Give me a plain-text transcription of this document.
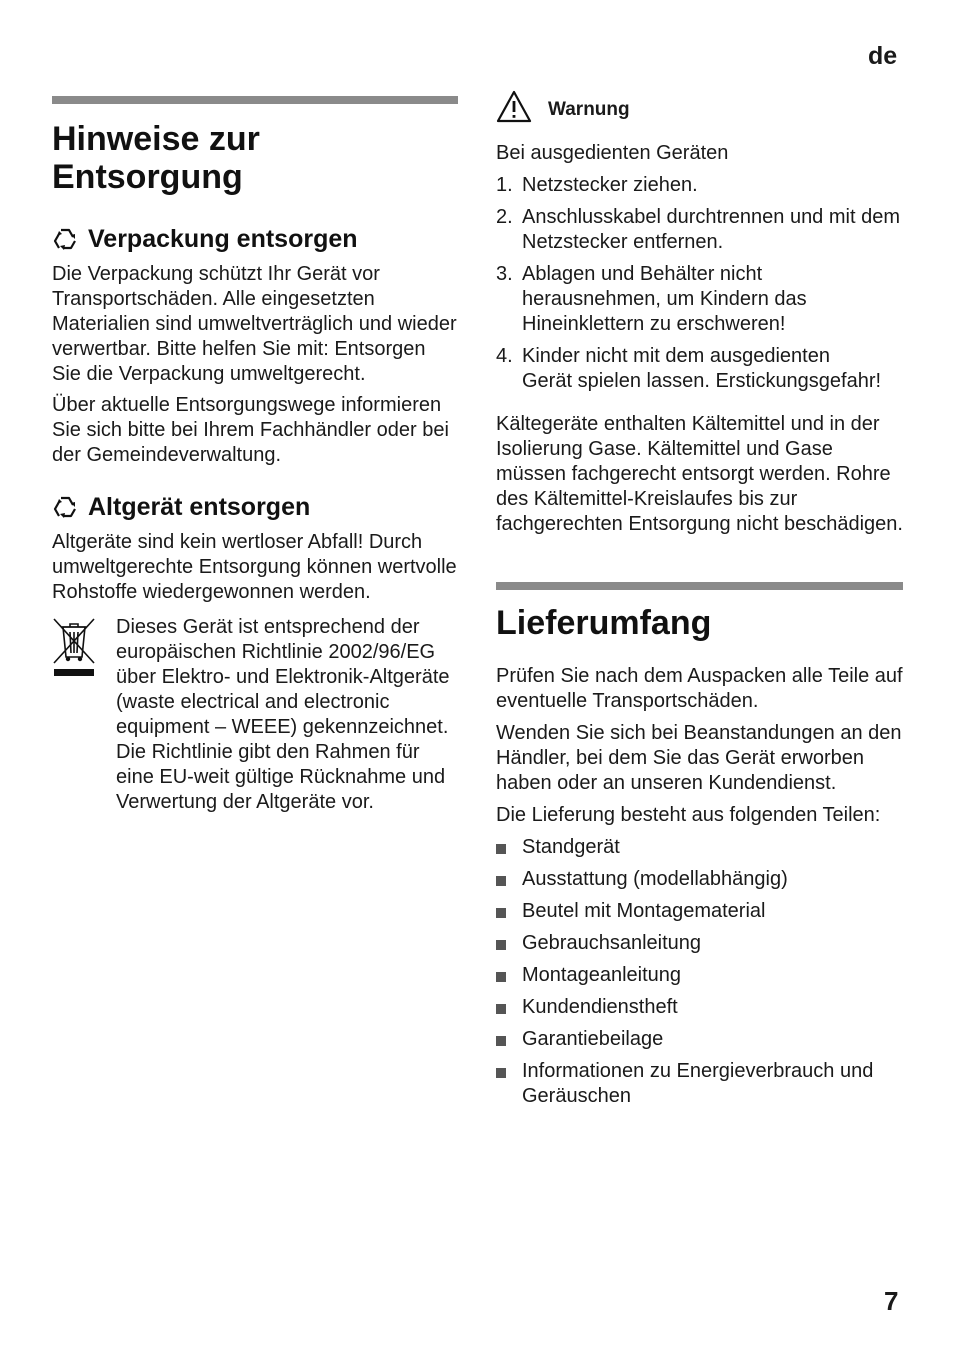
de
Hinweise zur Entsorgung
Verpackung entsorgen

Die Verpackung schützt Ihr Gerät vor Transportschäden. Alle eingesetzten Materialien sind umweltverträglich und wieder verwertbar. Bitte helfen Sie mit: Entsorgen Sie die Verpackung umweltgerecht.

Über aktuelle Entsorgungswege informieren Sie sich bitte bei Ihrem Fachhändler oder bei der Gemeindeverwaltung.

Altgerät entsorgen

Altgeräte sind kein wertloser Abfall! Durch umweltgerechte Entsorgung können wertvolle Rohstoffe wiedergewonnen werden.

Dieses Gerät ist entsprechend der europäischen Richtlinie 2002/96/EG über Elektro- und Elektronik-Altgeräte (waste electrical and electronic equipment – WEEE) gekennzeichnet. Die Richtlinie gibt den Rahmen für eine EU-weit gültige Rücknahme und Verwertung der Altgeräte vor.

Warnung

Bei ausgedienten Geräten

1. Netzstecker ziehen.
2. Anschlusskabel durchtrennen und mit dem Netzstecker entfernen.
3. Ablagen und Behälter nicht herausnehmen, um Kindern das Hineinklettern zu erschweren!
4. Kinder nicht mit dem ausgedienten Gerät spielen lassen. Erstickungsgefahr!

Kältegeräte enthalten Kältemittel und in der Isolierung Gase. Kältemittel und Gase müssen fachgerecht entsorgt werden. Rohre des Kältemittel-Kreislaufes bis zur fachgerechten Entsorgung nicht beschädigen.

Lieferumfang

Prüfen Sie nach dem Auspacken alle Teile auf eventuelle Transportschäden.

Wenden Sie sich bei Beanstandungen an den Händler, bei dem Sie das Gerät erworben haben oder an unseren Kundendienst.

Die Lieferung besteht aus folgenden Teilen:

Standgerät
Ausstattung (modellabhängig)
Beutel mit Montagematerial
Gebrauchsanleitung
Montageanleitung
Kundendienstheft
Garantiebeilage
Informationen zu Energieverbrauch und Geräuschen
7
